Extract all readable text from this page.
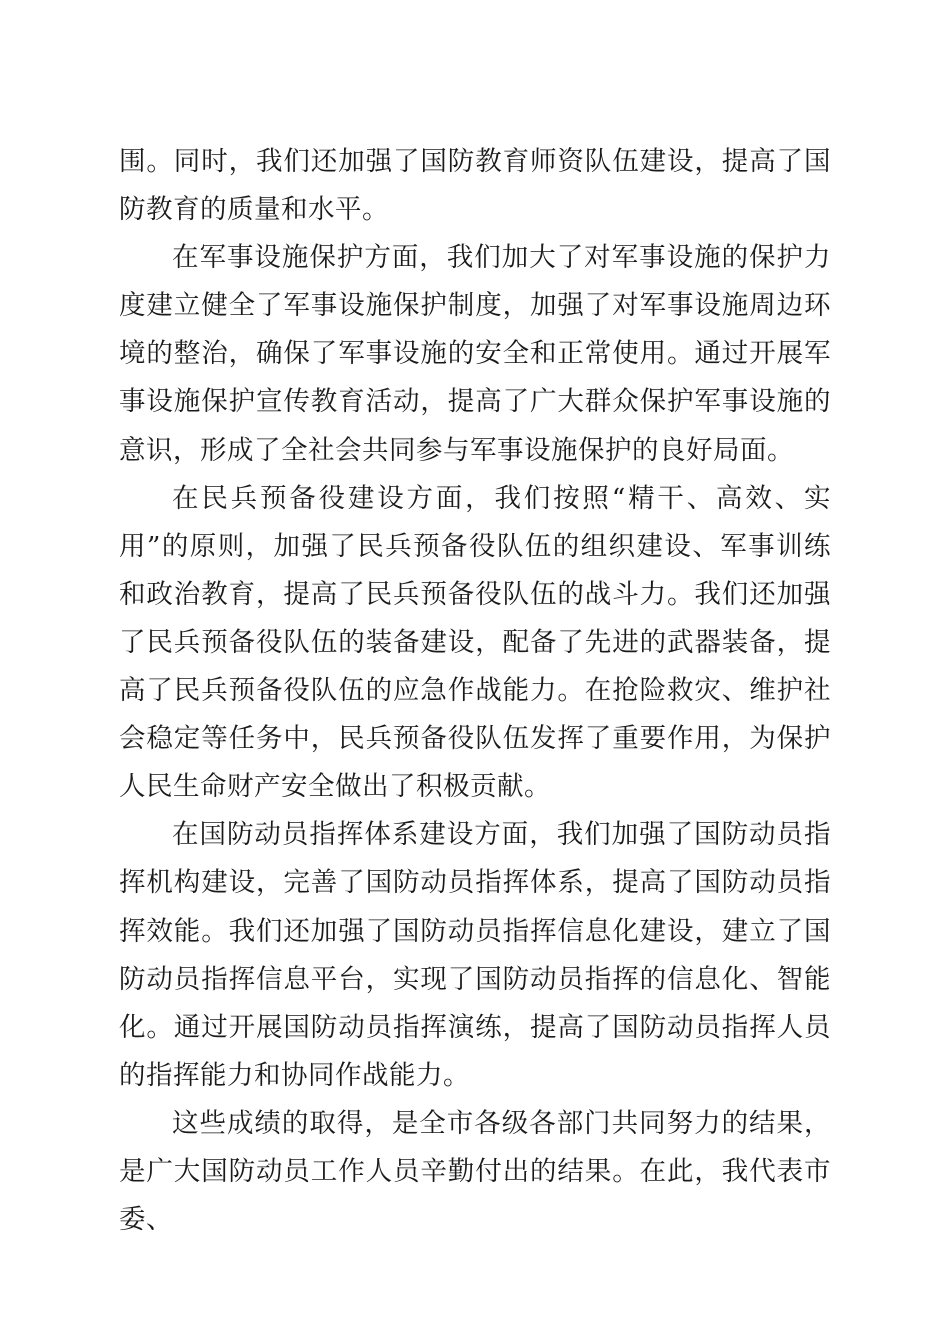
围。同时，我们还加强了国防教育师资队伍建设，提高了国防教育的质量和水平。

在军事设施保护方面，我们加大了对军事设施的保护力度建立健全了军事设施保护制度，加强了对军事设施周边环境的整治，确保了军事设施的安全和正常使用。通过开展军事设施保护宣传教育活动，提高了广大群众保护军事设施的意识，形成了全社会共同参与军事设施保护的良好局面。

在民兵预备役建设方面，我们按照“精干、高效、实用”的原则，加强了民兵预备役队伍的组织建设、军事训练和政治教育，提高了民兵预备役队伍的战斗力。我们还加强了民兵预备役队伍的装备建设，配备了先进的武器装备，提高了民兵预备役队伍的应急作战能力。在抢险救灾、维护社会稳定等任务中，民兵预备役队伍发挥了重要作用，为保护人民生命财产安全做出了积极贡献。

在国防动员指挥体系建设方面，我们加强了国防动员指挥机构建设，完善了国防动员指挥体系，提高了国防动员指挥效能。我们还加强了国防动员指挥信息化建设，建立了国防动员指挥信息平台，实现了国防动员指挥的信息化、智能化。通过开展国防动员指挥演练，提高了国防动员指挥人员的指挥能力和协同作战能力。

这些成绩的取得，是全市各级各部门共同努力的结果，是广大国防动员工作人员辛勤付出的结果。在此，我代表市委、
